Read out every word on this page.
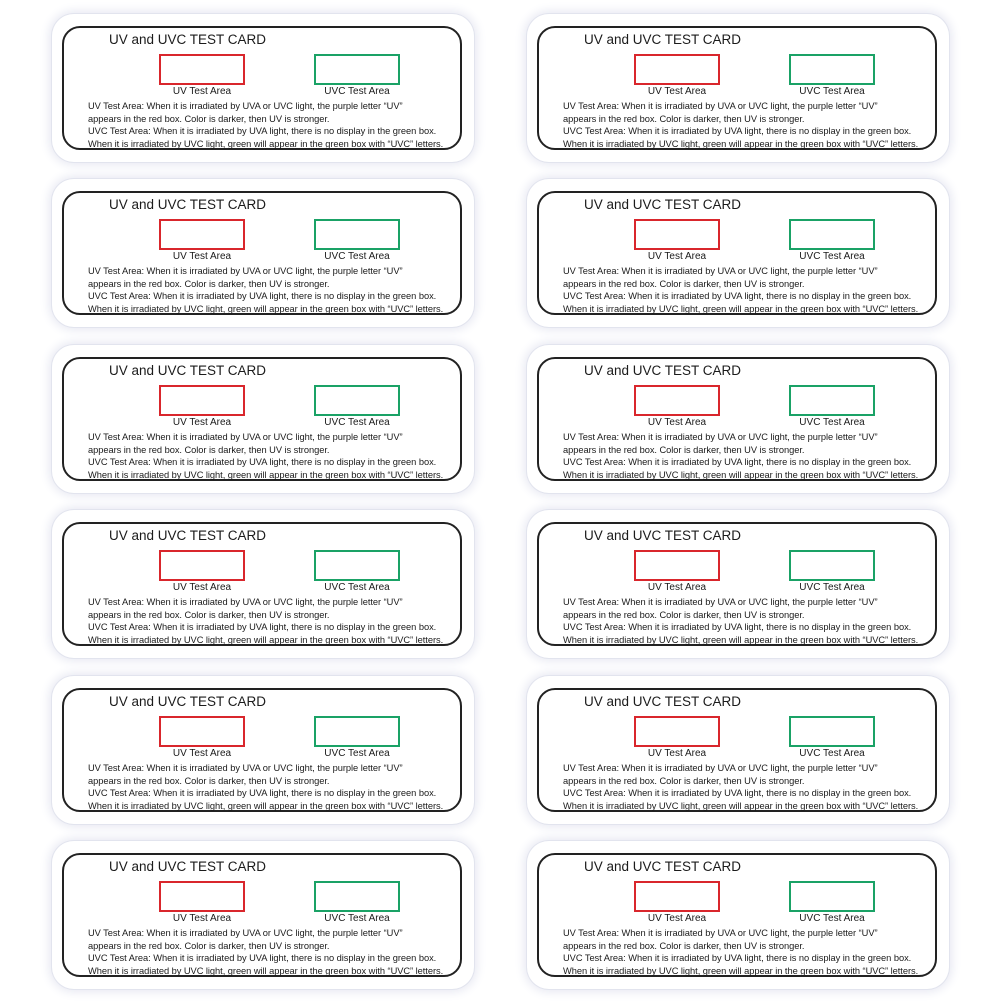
UV and UVC TEST CARD
UV Test Area	UVC Test Area
UV Test Area: When it is irradiated by UVA or UVC light, the purple letter “UV”
appears in the red box. Color is darker, then UV is stronger.
UVC Test Area: When it is irradiated by UVA light, there is no display in the green box.
When it is irradiated by UVC light, green will appear in the green box with “UVC” letters.
UV and UVC TEST CARD
UV Test Area	UVC Test Area
UV Test Area: When it is irradiated by UVA or UVC light, the purple letter “UV”
appears in the red box. Color is darker, then UV is stronger.
UVC Test Area: When it is irradiated by UVA light, there is no display in the green box.
When it is irradiated by UVC light, green will appear in the green box with “UVC” letters.
UV and UVC TEST CARD
UV Test Area	UVC Test Area
UV Test Area: When it is irradiated by UVA or UVC light, the purple letter “UV”
appears in the red box. Color is darker, then UV is stronger.
UVC Test Area: When it is irradiated by UVA light, there is no display in the green box.
When it is irradiated by UVC light, green will appear in the green box with “UVC” letters.
UV and UVC TEST CARD
UV Test Area	UVC Test Area
UV Test Area: When it is irradiated by UVA or UVC light, the purple letter “UV”
appears in the red box. Color is darker, then UV is stronger.
UVC Test Area: When it is irradiated by UVA light, there is no display in the green box.
When it is irradiated by UVC light, green will appear in the green box with “UVC” letters.
UV and UVC TEST CARD
UV Test Area	UVC Test Area
UV Test Area: When it is irradiated by UVA or UVC light, the purple letter “UV”
appears in the red box. Color is darker, then UV is stronger.
UVC Test Area: When it is irradiated by UVA light, there is no display in the green box.
When it is irradiated by UVC light, green will appear in the green box with “UVC” letters.
UV and UVC TEST CARD
UV Test Area	UVC Test Area
UV Test Area: When it is irradiated by UVA or UVC light, the purple letter “UV”
appears in the red box. Color is darker, then UV is stronger.
UVC Test Area: When it is irradiated by UVA light, there is no display in the green box.
When it is irradiated by UVC light, green will appear in the green box with “UVC” letters.
UV and UVC TEST CARD
UV Test Area	UVC Test Area
UV Test Area: When it is irradiated by UVA or UVC light, the purple letter “UV”
appears in the red box. Color is darker, then UV is stronger.
UVC Test Area: When it is irradiated by UVA light, there is no display in the green box.
When it is irradiated by UVC light, green will appear in the green box with “UVC” letters.
UV and UVC TEST CARD
UV Test Area	UVC Test Area
UV Test Area: When it is irradiated by UVA or UVC light, the purple letter “UV”
appears in the red box. Color is darker, then UV is stronger.
UVC Test Area: When it is irradiated by UVA light, there is no display in the green box.
When it is irradiated by UVC light, green will appear in the green box with “UVC” letters.
UV and UVC TEST CARD
UV Test Area	UVC Test Area
UV Test Area: When it is irradiated by UVA or UVC light, the purple letter “UV”
appears in the red box. Color is darker, then UV is stronger.
UVC Test Area: When it is irradiated by UVA light, there is no display in the green box.
When it is irradiated by UVC light, green will appear in the green box with “UVC” letters.
UV and UVC TEST CARD
UV Test Area	UVC Test Area
UV Test Area: When it is irradiated by UVA or UVC light, the purple letter “UV”
appears in the red box. Color is darker, then UV is stronger.
UVC Test Area: When it is irradiated by UVA light, there is no display in the green box.
When it is irradiated by UVC light, green will appear in the green box with “UVC” letters.
UV and UVC TEST CARD
UV Test Area	UVC Test Area
UV Test Area: When it is irradiated by UVA or UVC light, the purple letter “UV”
appears in the red box. Color is darker, then UV is stronger.
UVC Test Area: When it is irradiated by UVA light, there is no display in the green box.
When it is irradiated by UVC light, green will appear in the green box with “UVC” letters.
UV and UVC TEST CARD
UV Test Area	UVC Test Area
UV Test Area: When it is irradiated by UVA or UVC light, the purple letter “UV”
appears in the red box. Color is darker, then UV is stronger.
UVC Test Area: When it is irradiated by UVA light, there is no display in the green box.
When it is irradiated by UVC light, green will appear in the green box with “UVC” letters.
